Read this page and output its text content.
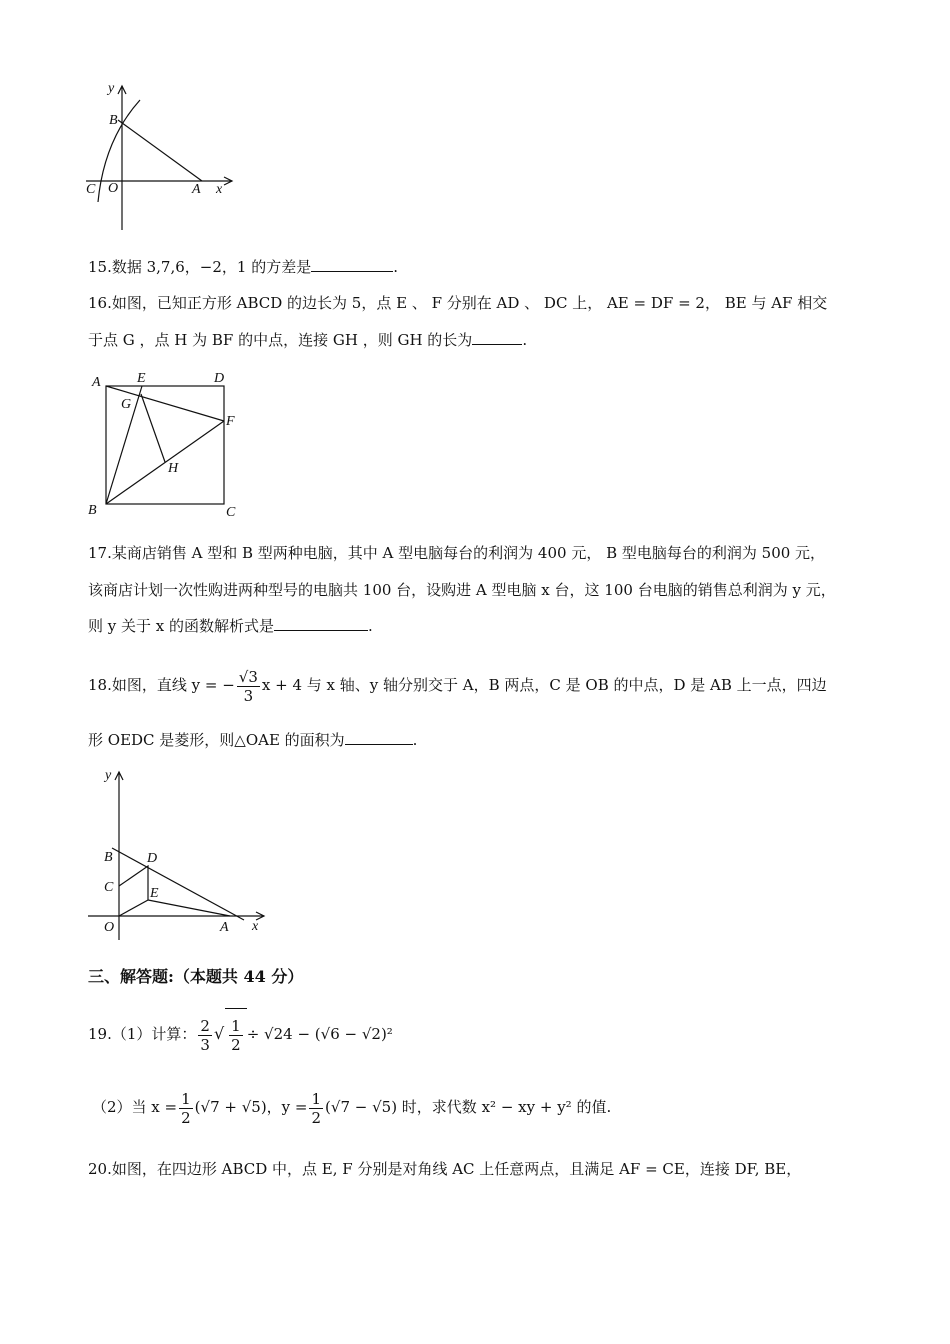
y
B
C O	A x
15.数据 3,7,6，−2，1 的方差是	.
16.如图，已知正方形 ABCD 的边长为 5，点 E 、 F 分别在 AD 、 DC 上， AE = DF = 2， BE 与 AF 相交
于点 G ，点 H 为 BF 的中点，连接 GH ，则 GH 的长为	.
A	E	D
G
F
H
B	C
17.某商店销售 A 型和 B 型两种电脑，其中 A 型电脑每台的利润为 400 元， B 型电脑每台的利润为 500 元，
该商店计划一次性购进两种型号的电脑共 100 台，设购进 A 型电脑 x 台，这 100 台电脑的销售总利润为 y 元，
则 y 关于 x 的函数解析式是	.
18.如图，直线 y = − $\frac{√3}{3}$ x + 4 与 x 轴、y 轴分别交于 A，B 两点，C 是 OB 的中点，D 是 AB 上一点，四边
形 OEDC 是菱形，则△OAE 的面积为	.
y
B D
C	E
O	A x
三、解答题:（本题共 44 分）
19.（1）计算： $\frac{2}{3}$ √ $\frac{1}{2} \div √24 - (√6 - √2)^2$
（2）当 $x = \frac{1}{2} (√7 + √5)$，$y = \frac{1}{2} (√7 - √5)$ 时，求代数 x² − xy + y² 的值.
20.如图，在四边形 ABCD 中，点 E, F 分别是对角线 AC 上任意两点，且满足 AF = CE，连接 DF, BE，
